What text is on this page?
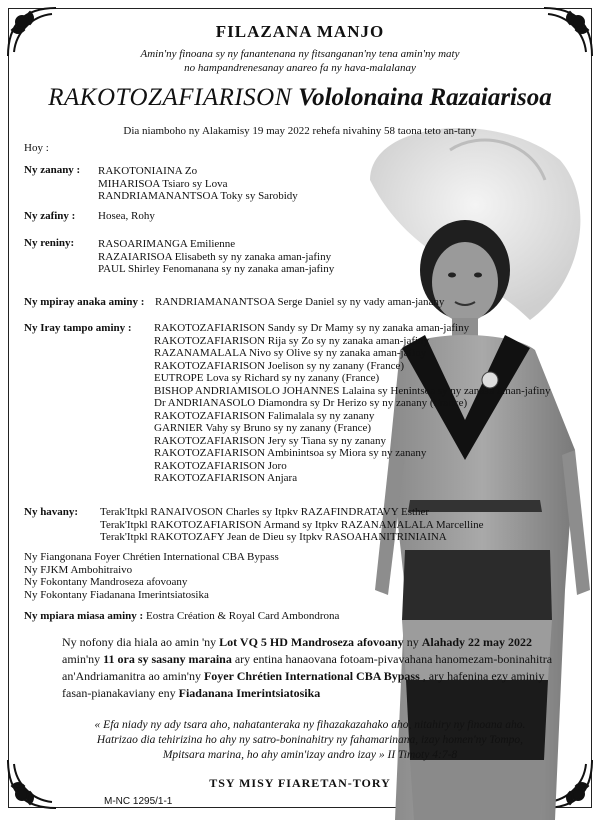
FILAZANA MANJO
Amin'ny finoana sy ny fanantenana ny fitsanganan'ny tena amin'ny maty
no hampandrenesanay anareo fa ny hava-malalanay
RAKOTOZAFIARISON Vololonaina Razaiarisoa
Dia niamboho ny Alakamisy 19 may 2022 rehefa nivahiny 58 taona teto an-tany
Hoy :
Ny zanany : RAKOTONIAINA Zo
MIHARISOA Tsiaro sy Lova
RANDRIAMANANTSOA Toky sy Sarobidy
Ny zafiny : Hosea, Rohy
Ny reniny: RASOARIMANGA Emilienne
RAZAIARISOA Elisabeth sy ny zanaka aman-jafiny
PAUL Shirley Fenomanana sy ny zanaka aman-jafiny
Ny mpiray anaka aminy : RANDRIAMANANTSOA Serge Daniel sy ny vady aman-janany
Ny Iray tampo aminy : RAKOTOZAFIARISON Sandy sy Dr Mamy sy ny zanaka aman-jafiny
RAKOTOZAFIARISON Rija sy Zo sy ny zanaka aman-jafiny
RAZANAMALALA Nivo sy Olive sy ny zanaka aman-jafiny
RAKOTOZAFIARISON Joelison sy ny zanany (France)
EUTROPE Lova sy Richard sy ny zanany (France)
BISHOP ANDRIAMISOLO JOHANNES Lalaina sy Henintsoa sy ny zanaka aman-jafiny
Dr ANDRIANASOLO Diamondra sy Dr Herizo sy ny zanany (France)
RAKOTOZAFIARISON Falimalala sy ny zanany
GARNIER Vahy sy Bruno sy ny zanany (France)
RAKOTOZAFIARISON Jery sy Tiana sy ny zanany
RAKOTOZAFIARISON Ambinintsoa sy Miora sy ny zanany
RAKOTOZAFIARISON Joro
RAKOTOZAFIARISON Anjara
Ny havany: Terak'Itpkl RANAIVOSON Charles sy Itpkv RAZAFINDRATAVY Esther
Terak'Itpkl RAKOTOZAFIARISON Armand sy Itpkv RAZANAMALALA Marcelline
Terak'Itpkl RAKOTOZAFY Jean de Dieu sy Itpkv RASOAHANITRINIAINA
Ny Fiangonana Foyer Chrétien International CBA Bypass
Ny FJKM Ambohitraivo
Ny Fokontany Mandroseza afovoany
Ny Fokontany Fiadanana Imerintsiatosika
Ny mpiara miasa aminy : Eostra Création & Royal Card Ambondrona
Ny nofony dia hiala ao amin 'ny Lot VQ 5 HD Mandroseza afovoany ny Alahady 22 may 2022 amin'ny 11 ora sy sasany maraina ary entina hanaovana fotoam-pivavahana hanomezam-boninahitra an'Andriamanitra ao amin'ny Foyer Chrétien International CBA Bypass , ary hafenina ezy aminiy fasan-pianakaviany eny Fiadanana Imerintsiatosika
« Efa niady ny ady tsara aho, nahatanteraka ny fihazakazahako aho, nitahiry ny finoana aho.
Hatrizao dia tehirizina ho ahy ny satro-boninahitry ny fahamarinana, izay homen'ny Tompo,
Mpitsara marina, ho ahy amin'izay andro izay » II Timoty 4:7-8
TSY MISY FIARETAN-TORY
M-NC 1295/1-1
